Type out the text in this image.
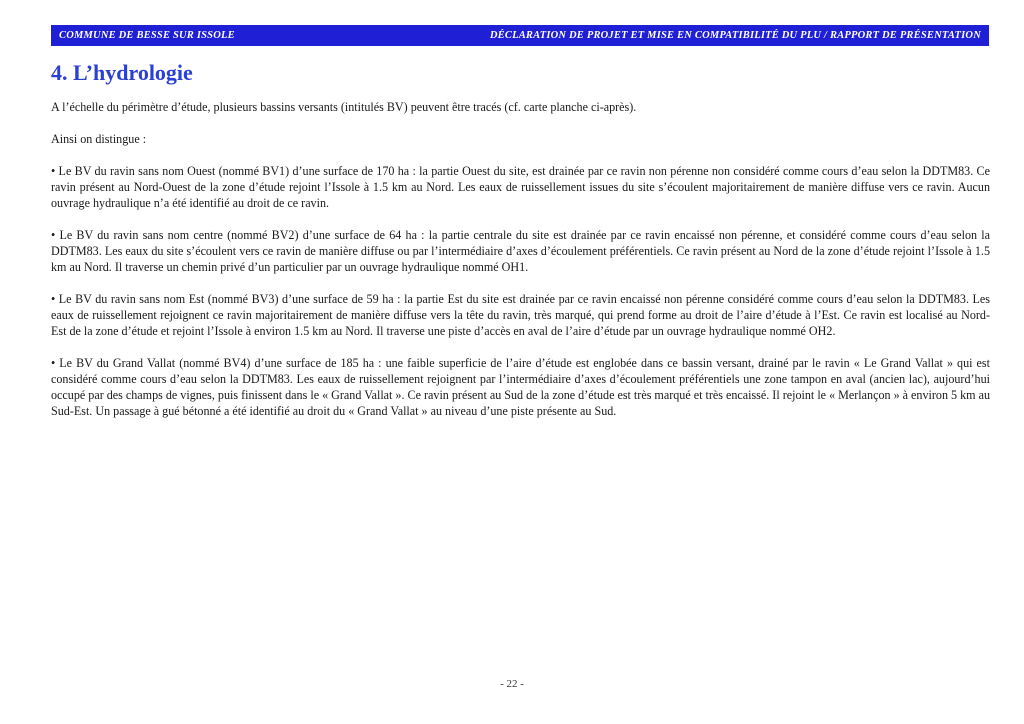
COMMUNE DE BESSE SUR ISSOLE	DÉCLARATION DE PROJET ET MISE EN COMPATIBILITÉ DU PLU / RAPPORT DE PRÉSENTATION
4. L’hydrologie

A l’échelle du périmètre d’étude, plusieurs bassins versants (intitulés BV) peuvent être tracés (cf. carte planche ci-après).

Ainsi on distingue :

• Le BV du ravin sans nom Ouest (nommé BV1) d’une surface de 170 ha : la partie Ouest du site, est drainée par ce ravin non pérenne non considéré comme cours d’eau selon la DDTM83. Ce ravin présent au Nord-Ouest de la zone d’étude rejoint l’Issole à 1.5 km au Nord. Les eaux de ruissellement issues du site s’écoulent majoritairement de manière diffuse vers ce ravin. Aucun ouvrage hydraulique n’a été identifié au droit de ce ravin.

• Le BV du ravin sans nom centre (nommé BV2) d’une surface de 64 ha : la partie centrale du site est drainée par ce ravin encaissé non pérenne, et considéré comme cours d’eau selon la DDTM83. Les eaux du site s’écoulent vers ce ravin de manière diffuse ou par l’intermédiaire d’axes d’écoulement préférentiels. Ce ravin présent au Nord de la zone d’étude rejoint l’Issole à 1.5 km au Nord. Il traverse un chemin privé d’un particulier par un ouvrage hydraulique nommé OH1.

• Le BV du ravin sans nom Est (nommé BV3) d’une surface de 59 ha : la partie Est du site est drainée par ce ravin encaissé non pérenne considéré comme cours d’eau selon la DDTM83. Les eaux de ruissellement rejoignent ce ravin majoritairement de manière diffuse vers la tête du ravin, très marqué, qui prend forme au droit de l’aire d’étude à l’Est. Ce ravin est localisé au Nord-Est de la zone d’étude et rejoint l’Issole à environ 1.5 km au Nord. Il traverse une piste d’accès en aval de l’aire d’étude par un ouvrage hydraulique nommé OH2.

• Le BV du Grand Vallat (nommé BV4) d’une surface de 185 ha : une faible superficie de l’aire d’étude est englobée dans ce bassin versant, drainé par le ravin « Le Grand Vallat » qui est considéré comme cours d’eau selon la DDTM83. Les eaux de ruissellement rejoignent par l’intermédiaire d’axes d’écoulement préférentiels une zone tampon en aval (ancien lac), aujourd’hui occupé par des champs de vignes, puis finissent dans le « Grand Vallat ». Ce ravin présent au Sud de la zone d’étude est très marqué et très encaissé. Il rejoint le « Merlançon » à environ 5 km au Sud-Est. Un passage à gué bétonné a été identifié au droit du « Grand Vallat » au niveau d’une piste présente au Sud.

- 22 -
